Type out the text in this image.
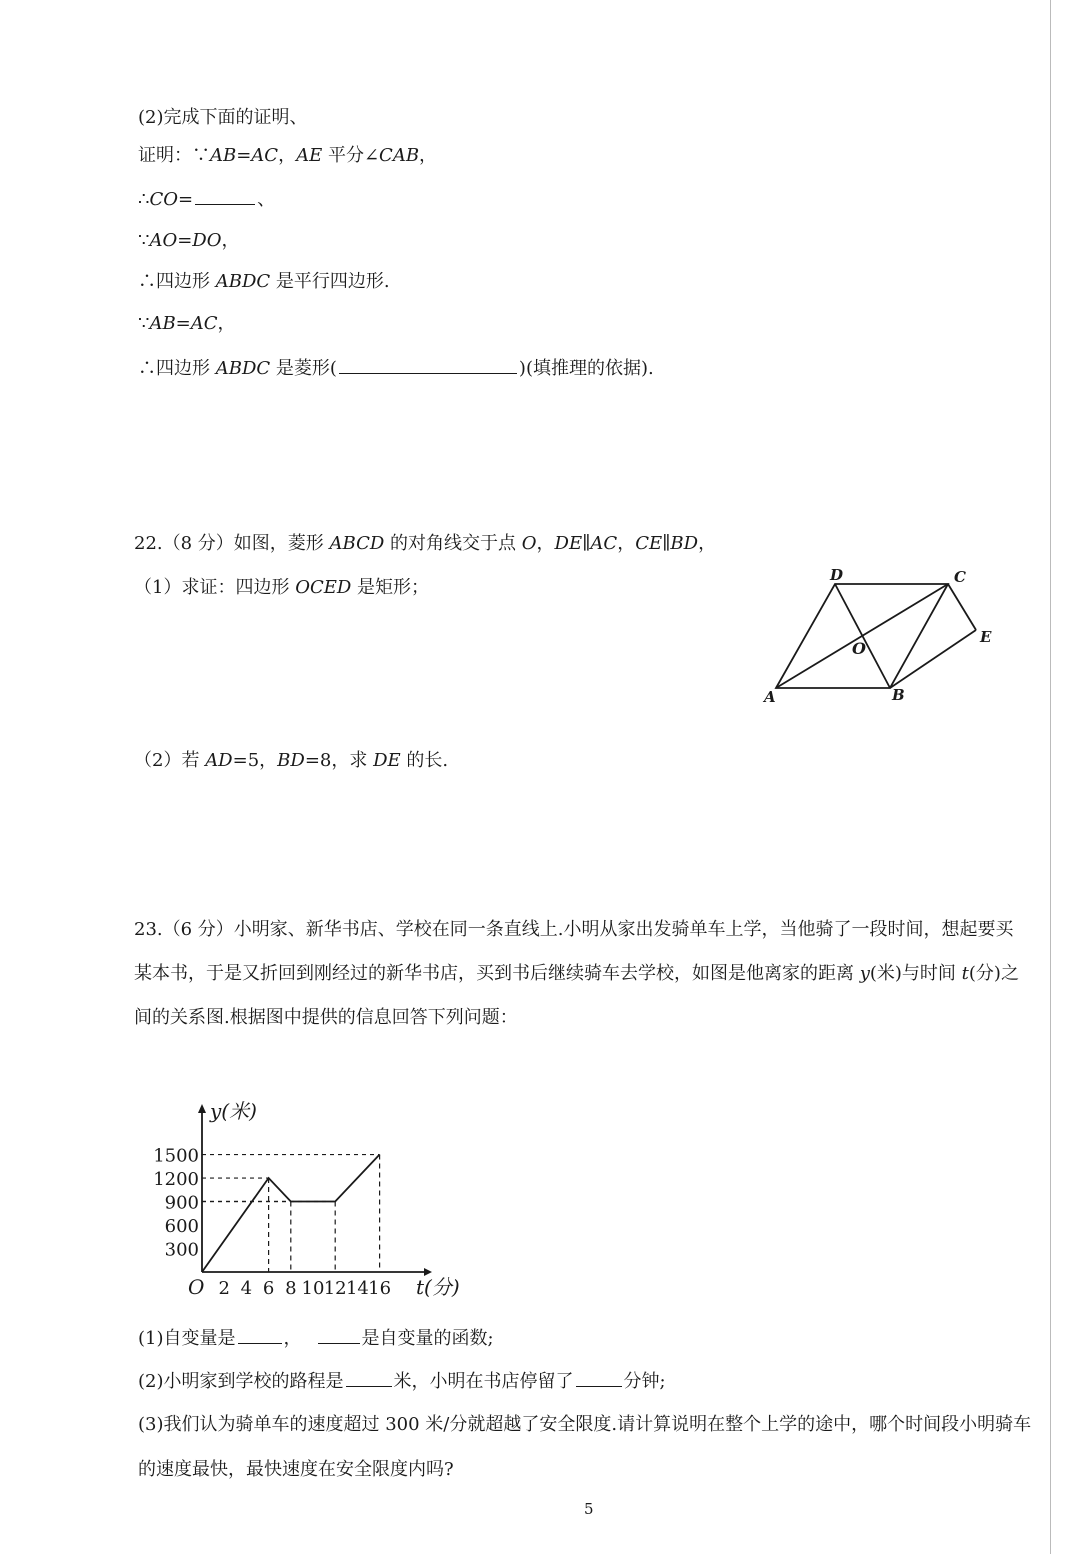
(2)完成下面的证明、
证明：∵AB=AC，AE 平分∠CAB，
∴CO=	、
∵AO=DO，
∴四边形 ABDC 是平行四边形.
∵AB=AC，
∴四边形 ABDC 是菱形(	)(填推理的依据).
22.（8 分）如图，菱形 ABCD 的对角线交于点 O，DE∥AC，CE∥BD，
（1）求证：四边形 OCED 是矩形；
（2）若 AD=5，BD=8，求 DE 的长.
A	B
C
D
E
O
23.（6 分）小明家、新华书店、学校在同一条直线上.小明从家出发骑单车上学，当他骑了一段时间，想起要买
某本书，于是又折回到刚经过的新华书店，买到书后继续骑车去学校，如图是他离家的距离 y(米)与时间 t(分)之
间的关系图.根据图中提供的信息回答下列问题：
y(米)
t(分)
O 2 4 6 8 10 12 14 16
300
600
900
1200
1500
(1)自变量是	，	是自变量的函数;
(2)小明家到学校的路程是	米，小明在书店停留了	分钟;
(3)我们认为骑单车的速度超过 300 米/分就超越了安全限度.请计算说明在整个上学的途中，哪个时间段小明骑车
的速度最快，最快速度在安全限度内吗?
5
